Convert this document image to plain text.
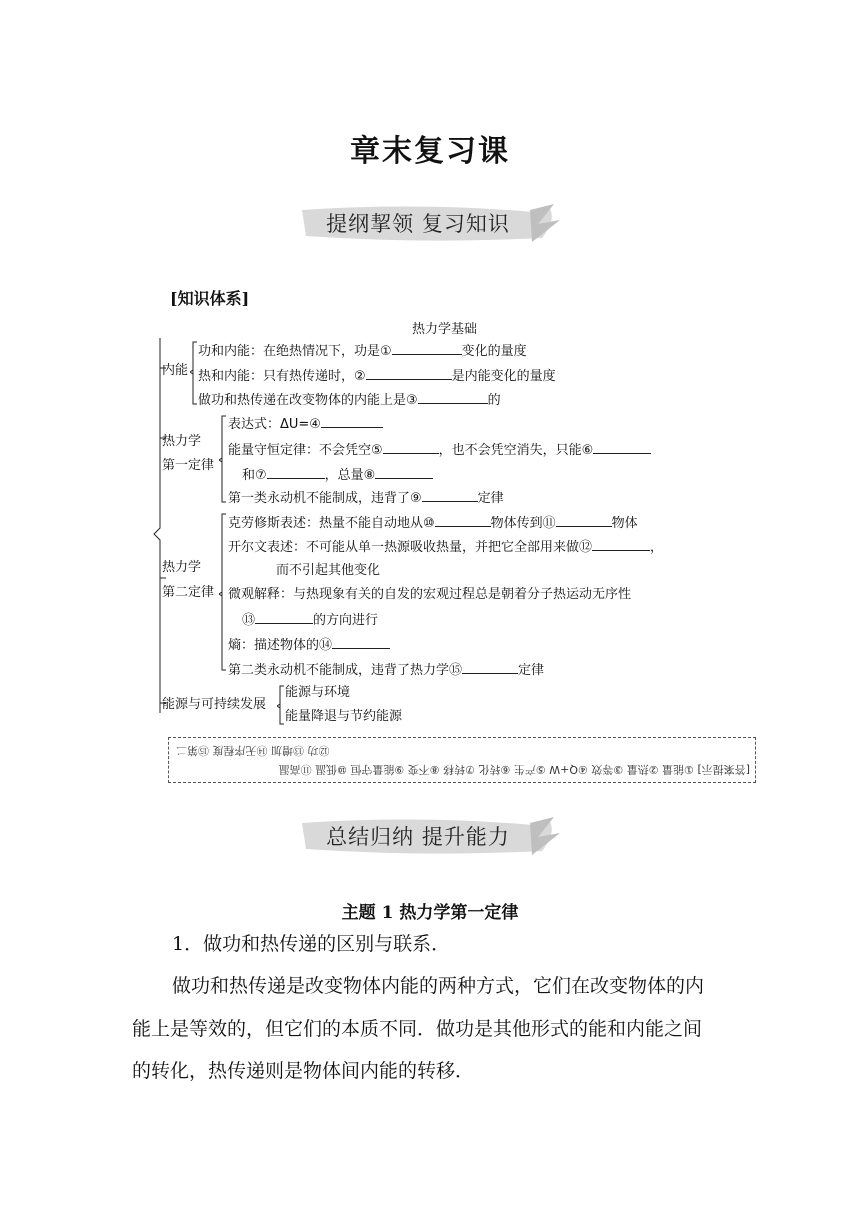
章末复习课
提纲挈领 复习知识
[知识体系]
热力学基础
内能
功和内能：在绝热情况下，功是①	变化的量度
热和内能：只有热传递时，②	是内能变化的量度
做功和热传递在改变物体的内能上是③	的
热力学
第一定律
表达式：ΔU=④
能量守恒定律：不会凭空⑤	，也不会凭空消失，只能⑥
和⑦	，总量⑧
第一类永动机不能制成，违背了⑨	定律
热力学
第二定律
克劳修斯表述：热量不能自动地从⑩	物体传到⑪	物体
开尔文表述：不可能从单一热源吸收热量，并把它全部用来做⑫	，
而不引起其他变化
微观解释：与热现象有关的自发的宏观过程总是朝着分子热运动无序性
⑬	的方向进行
熵：描述物体的⑭
第二类永动机不能制成，违背了热力学⑮	定律
能源与可持续发展
能源与环境
能量降退与节约能源
⑫功 ⑬增加 ⑭无序程度 ⑮第二
[答案提示] ①能量 ②热量 ③等效 ④Q+W ⑤产生 ⑥转化 ⑦转移 ⑧不变 ⑨能量守恒 ⑩低温 ⑪高温
总结归纳 提升能力
主题 1 热力学第一定律
1．做功和热传递的区别与联系．
做功和热传递是改变物体内能的两种方式，它们在改变物体的内
能上是等效的，但它们的本质不同．做功是其他形式的能和内能之间
的转化，热传递则是物体间内能的转移．
